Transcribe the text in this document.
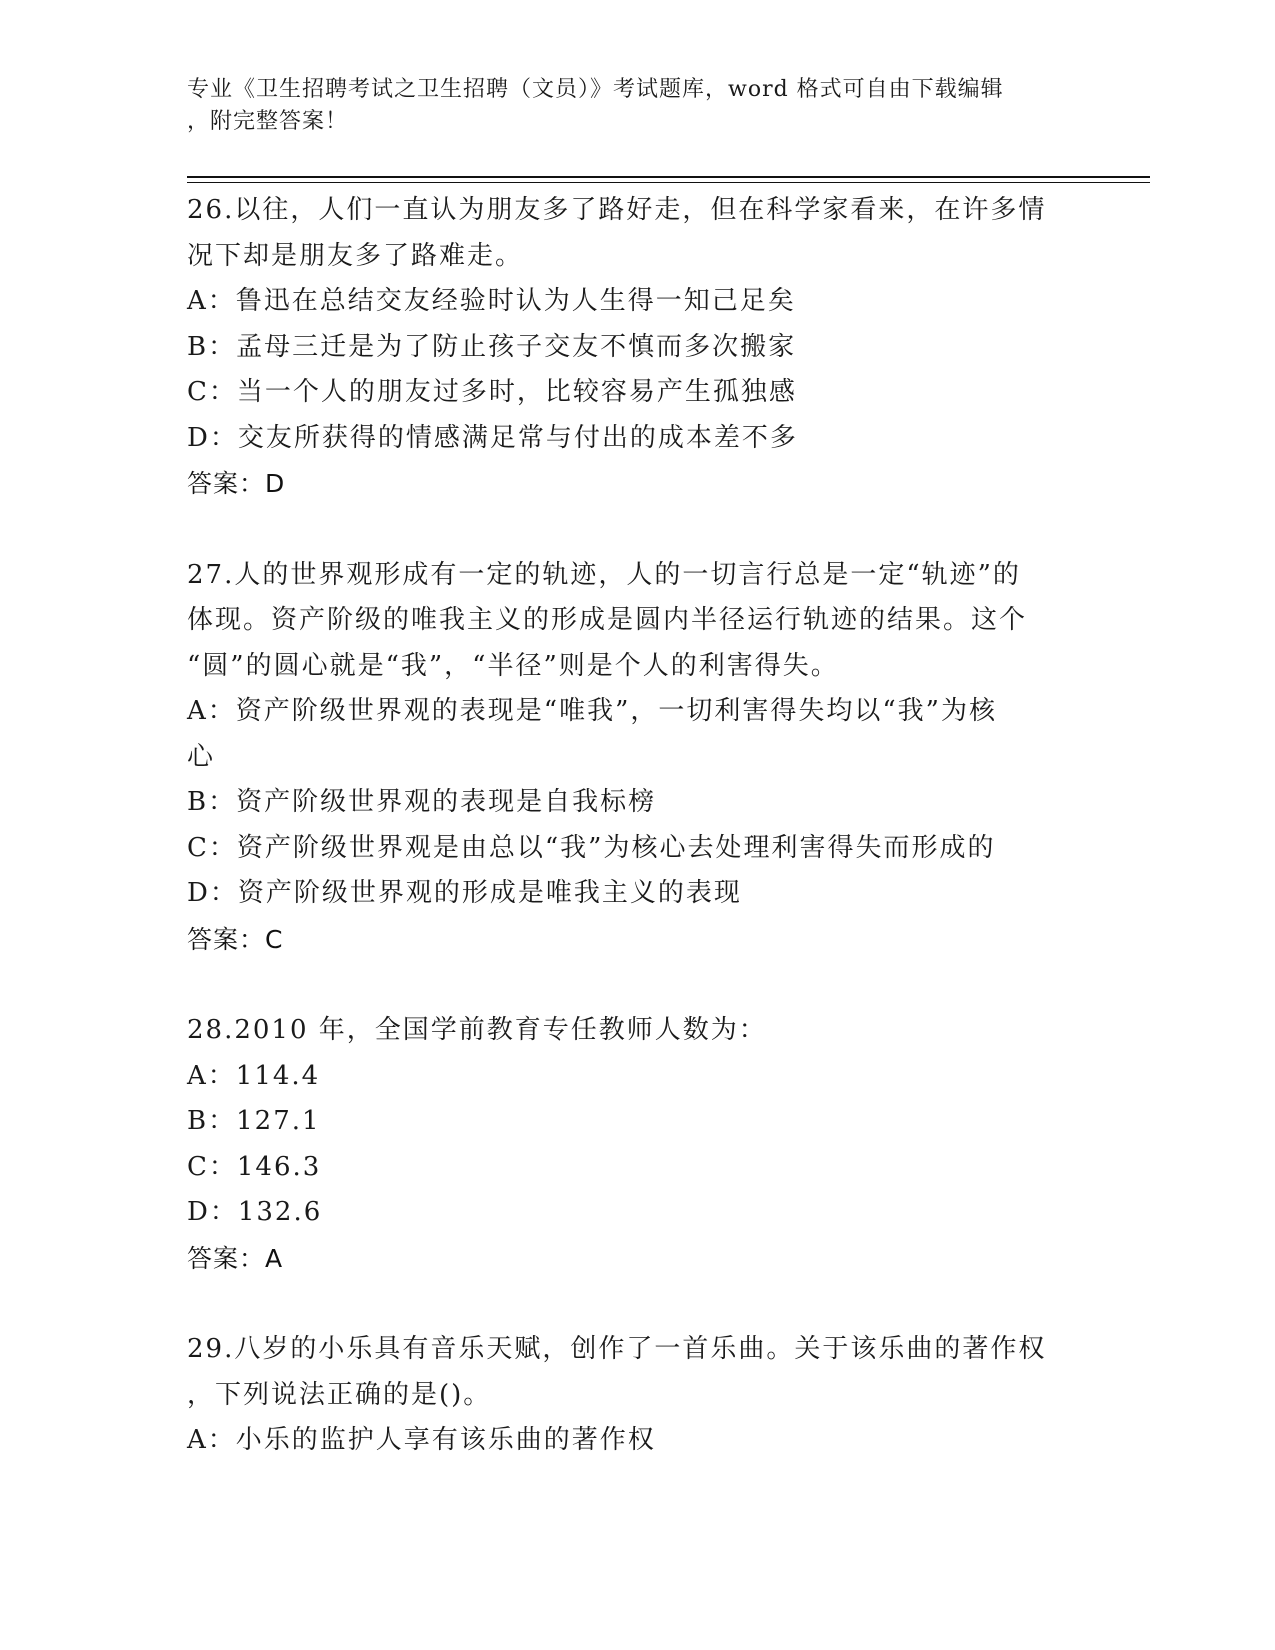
专业《卫生招聘考试之卫生招聘（文员）》考试题库，word 格式可自由下载编辑
，附完整答案！
26.以往，人们一直认为朋友多了路好走，但在科学家看来，在许多情
况下却是朋友多了路难走。
A：鲁迅在总结交友经验时认为人生得一知己足矣
B：孟母三迁是为了防止孩子交友不慎而多次搬家
C：当一个人的朋友过多时，比较容易产生孤独感
D：交友所获得的情感满足常与付出的成本差不多
答案：D
27.人的世界观形成有一定的轨迹，人的一切言行总是一定“轨迹”的
体现。资产阶级的唯我主义的形成是圆内半径运行轨迹的结果。这个
“圆”的圆心就是“我”，“半径”则是个人的利害得失。
A：资产阶级世界观的表现是“唯我”，一切利害得失均以“我”为核
心
B：资产阶级世界观的表现是自我标榜
C：资产阶级世界观是由总以“我”为核心去处理利害得失而形成的
D：资产阶级世界观的形成是唯我主义的表现
答案：C
28.2010 年，全国学前教育专任教师人数为：
A：114.4
B：127.1
C：146.3
D：132.6
答案：A
29.八岁的小乐具有音乐天赋，创作了一首乐曲。关于该乐曲的著作权
，下列说法正确的是()。
A：小乐的监护人享有该乐曲的著作权
